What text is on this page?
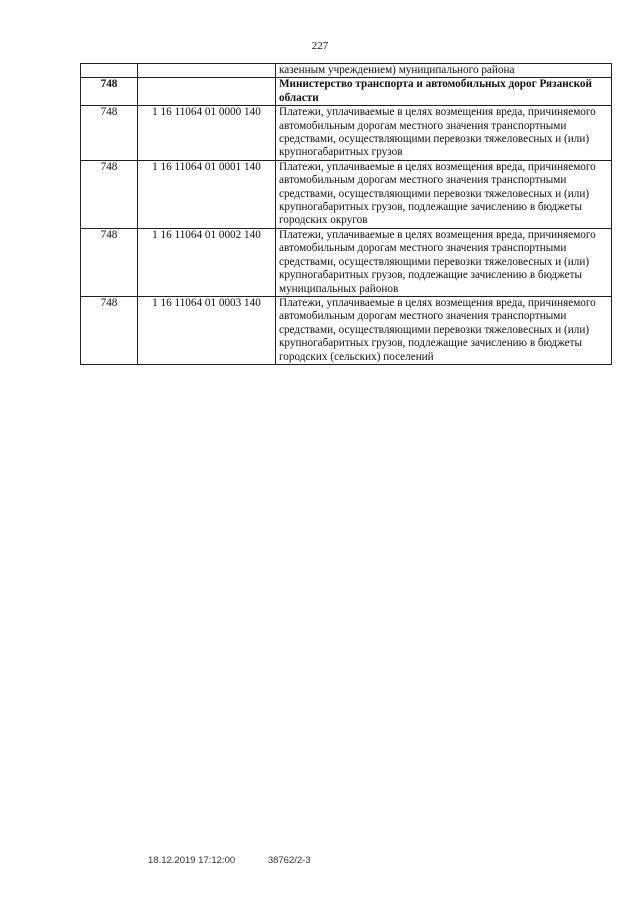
227
		казенным учреждением) муниципального района
748		Министерство транспорта и автомобильных дорог Рязанской области
748	1 16 11064 01 0000 140	Платежи, уплачиваемые в целях возмещения вреда, причиняемого автомобильным дорогам местного значения транспортными средствами, осуществляющими перевозки тяжеловесных и (или) крупногабаритных грузов
748	1 16 11064 01 0001 140	Платежи, уплачиваемые в целях возмещения вреда, причиняемого автомобильным дорогам местного значения транспортными средствами, осуществляющими перевозки тяжеловесных и (или) крупногабаритных грузов, подлежащие зачислению в бюджеты городских округов
748	1 16 11064 01 0002 140	Платежи, уплачиваемые в целях возмещения вреда, причиняемого автомобильным дорогам местного значения транспортными средствами, осуществляющими перевозки тяжеловесных и (или) крупногабаритных грузов, подлежащие зачислению в бюджеты муниципальных районов
748	1 16 11064 01 0003 140	Платежи, уплачиваемые в целях возмещения вреда, причиняемого автомобильным дорогам местного значения транспортными средствами, осуществляющими перевозки тяжеловесных и (или) крупногабаритных грузов, подлежащие зачислению в бюджеты городских (сельских) поселений
18.12.2019 17:12:00	38762/2-3
